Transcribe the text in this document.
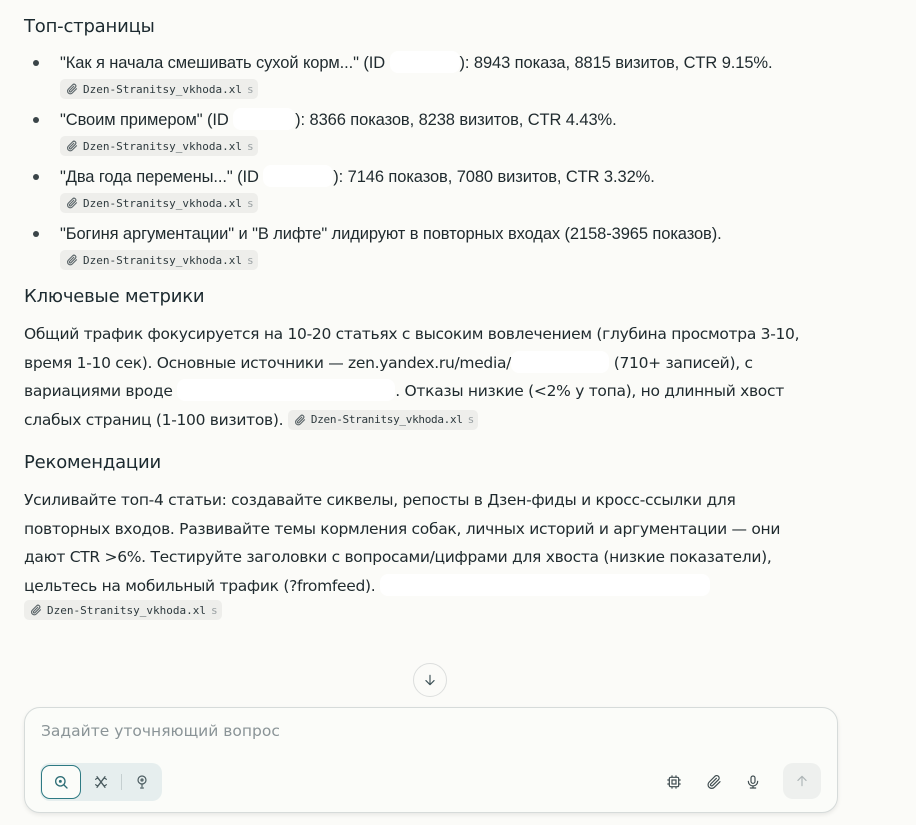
Топ-страницы
"Как я начала смешивать сухой корм..." (ID	): 8943 показа, 8815 визитов, CTR 9.15%.
Dzen-Stranitsy_vkhoda.xl s
"Своим примером" (ID	): 8366 показов, 8238 визитов, CTR 4.43%.
Dzen-Stranitsy_vkhoda.xl s
"Два года перемены..." (ID	): 7146 показов, 7080 визитов, CTR 3.32%.
Dzen-Stranitsy_vkhoda.xl s
"Богиня аргументации" и "В лифте" лидируют в повторных входах (2158-3965 показов).
Dzen-Stranitsy_vkhoda.xl s
Ключевые метрики

Общий трафик фокусируется на 10-20 статьях с высоким вовлечением (глубина просмотра 3-10,
время 1-10 сек). Основные источники — zen.yandex.ru/media/	(710+ записей), с
вариациями вроде	. Отказы низкие (<2% у топа), но длинный хвост
слабых страниц (1-100 визитов).	Dzen-Stranitsy_vkhoda.xl s

Рекомендации

Усиливайте топ-4 статьи: создавайте сиквелы, репосты в Дзен-фиды и кросс-ссылки для
повторных входов. Развивайте темы кормления собак, личных историй и аргументации — они
дают CTR >6%. Тестируйте заголовки с вопросами/цифрами для хвоста (низкие показатели),
цельтесь на мобильный трафик (?fromfeed).

Dzen-Stranitsy_vkhoda.xl s
Задайте уточняющий вопрос
